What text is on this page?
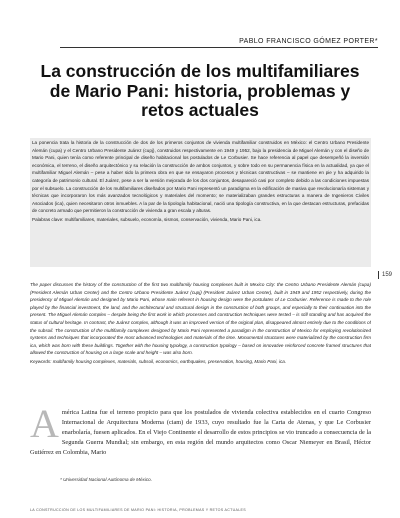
PABLO FRANCISCO GÓMEZ PORTER*
La construcción de los multifamiliares de Mario Pani: historia, problemas y retos actuales

La ponencia trata la historia de la construcción de dos de los primeros conjuntos de vivienda multifamiliar construidos en México: el Centro Urbano Presidente Alemán (cupa) y el Centro Urbano Presidente Juárez (cupj), construidos respectivamente en 1949 y 1952, bajo la presidencia de Miguel Alemán y con el diseño de Mario Pani, quien tenía como referente principal de diseño habitacional los postulados de Le Corbusier. Se hace referencia al papel que desempeñó la inversión económica, el terreno, el diseño arquitectónico y su relación la construcción de ambos conjuntos, y sobre todo en su permanencia física en la actualidad, ya que el multifamiliar Miguel Alemán – pese a haber sido la primera obra en que se ensayaron procesos y técnicas constructivas – se mantiene en pie y ha adquirido la categoría de patrimonio cultural. El Juárez, pese a ser la versión mejorada de los dos conjuntos, desapareció casi por completo debido a las condiciones impuestas por el subsuelo. La construcción de los multifamiliares diseñados por Mario Pani representó un paradigma en la edificación de masiva que revolucionaría sistemas y técnicas que incorporaron los más avanzados tecnológicos y materiales del momento; se materializaban grandes estructuras a manera de Ingenieros Civiles Asociados (ica), quien necesitaron otros inmuebles. A la par de la tipología habitacional, nació una tipología constructiva, en la que destacan estructuras, prefacidas de concreto armado que permitieron la construcción de vivienda a gran escala y alturas.

Palabras clave: multifamiliares, materiales, subsuelo, economía, sismos, conservación, vivienda, Mario Pani, ica.

159

The paper discusses the history of the construction of the first two multifamily housing complexes built in Mexico City: the Centro Urbano Presidente Alemán (cupa) (President Alemán Urban Center) and the Centro Urbano Presidente Juárez (cupj) (President Juárez Urban Center), built in 1949 and 1952 respectively, during the presidency of Miguel Alemán and designed by Mario Pani, whose main referent in housing design were the postulates of Le Corbusier. Reference is made to the role played by the financial investment, the land, and the architectural and structural design in the construction of both groups, and especially to their continuation into the present. The Miguel Alemán complex – despite being the first work in which processes and construction techniques were tested – is still standing and has acquired the status of cultural heritage. In contrast, the Juárez complex, although it was an improved version of the original plan, disappeared almost entirely due to the conditions of the subsoil. The construction of the multifamily complexes designed by Mario Pani represented a paradigm in the construction of Mexico for employing revolutionized systems and techniques that incorporated the most advanced technologies and materials of the time. Monumental structures were materialized by the construction firm ica, which was born with these buildings. Together with the housing typology, a construction typology – based on innovative reinforced concrete framed structures that allowed the construction of housing on a large scale and height – was also born.

Keywords: multifamily housing complexes, materials, subsoil, economics, earthquakes, preservation, housing, Mario Pani, ica.

América Latina fue el terreno propicio para que los postulados de vivienda colectiva establecidos en el cuarto Congreso Internacional de Arquitectura Moderna (ciam) de 1933, cuyo resultado fue la Carta de Atenas, y que Le Corbusier enarbolaría, fuesen aplicados. En el Viejo Continente el desarrollo de estos principios se vio truncado a consecuencia de la Segunda Guerra Mundial; sin embargo, en esta región del mundo arquitectos como Oscar Niemeyer en Brasil, Héctor Gutiérrez en Colombia, Mario

* Universidad Nacional Autónoma de México.
LA CONSTRUCCIÓN DE LOS MULTIFAMILIARES DE MARIO PANI: HISTORIA, PROBLEMAS Y RETOS ACTUALES
